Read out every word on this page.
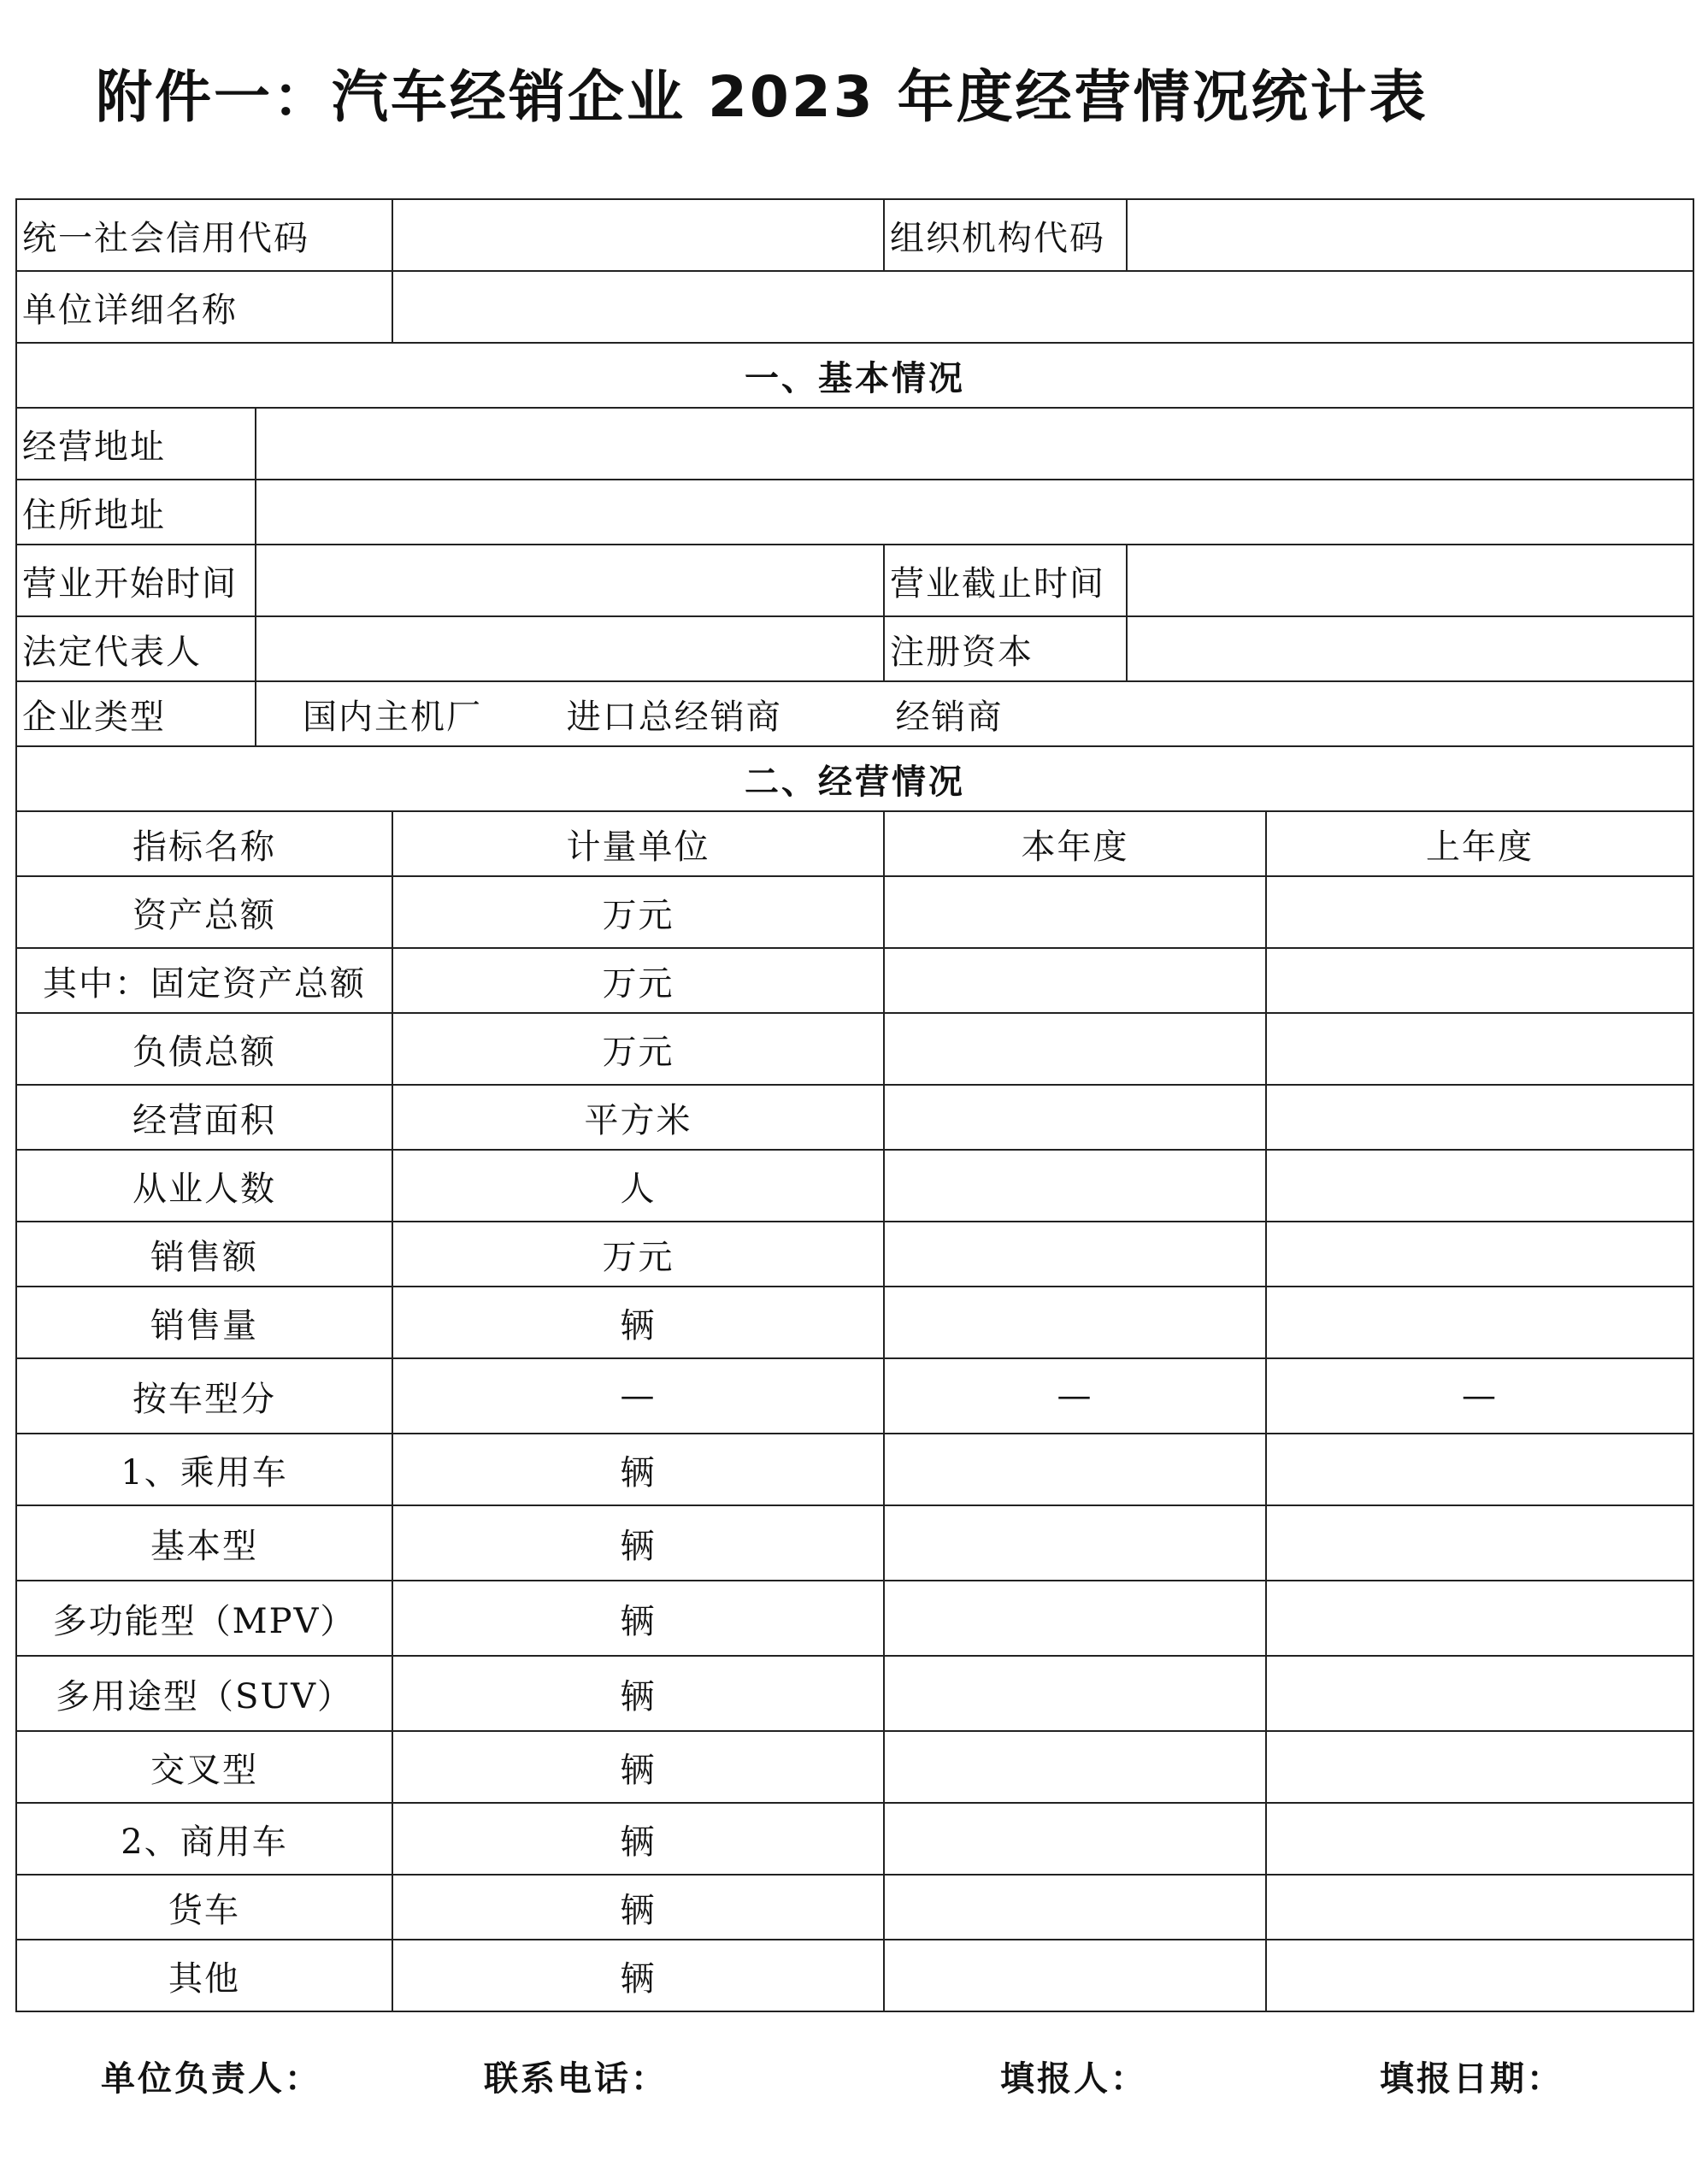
附件一：汽车经销企业 2023 年度经营情况统计表
统一社会信用代码			组织机构代码		
单位详细名称					
一、基本情况					
经营地址					
住所地址					
营业开始时间			营业截止时间		
法定代表人			注册资本		
企业类型	国内主机厂 进口总经销商 经销商				
二、经营情况					
指标名称		计量单位	本年度		上年度
资产总额		万元			
其中：固定资产总额		万元			
负债总额		万元			
经营面积		平方米			
从业人数		人			
销售额		万元			
销售量		辆			
按车型分		—	—		—
1、乘用车		辆			
基本型		辆			
多功能型（MPV）		辆			
多用途型（SUV）		辆			
交叉型		辆			
2、商用车		辆			
货车		辆			
其他		辆			
单位负责人：	联系电话：	填报人：	填报日期：
